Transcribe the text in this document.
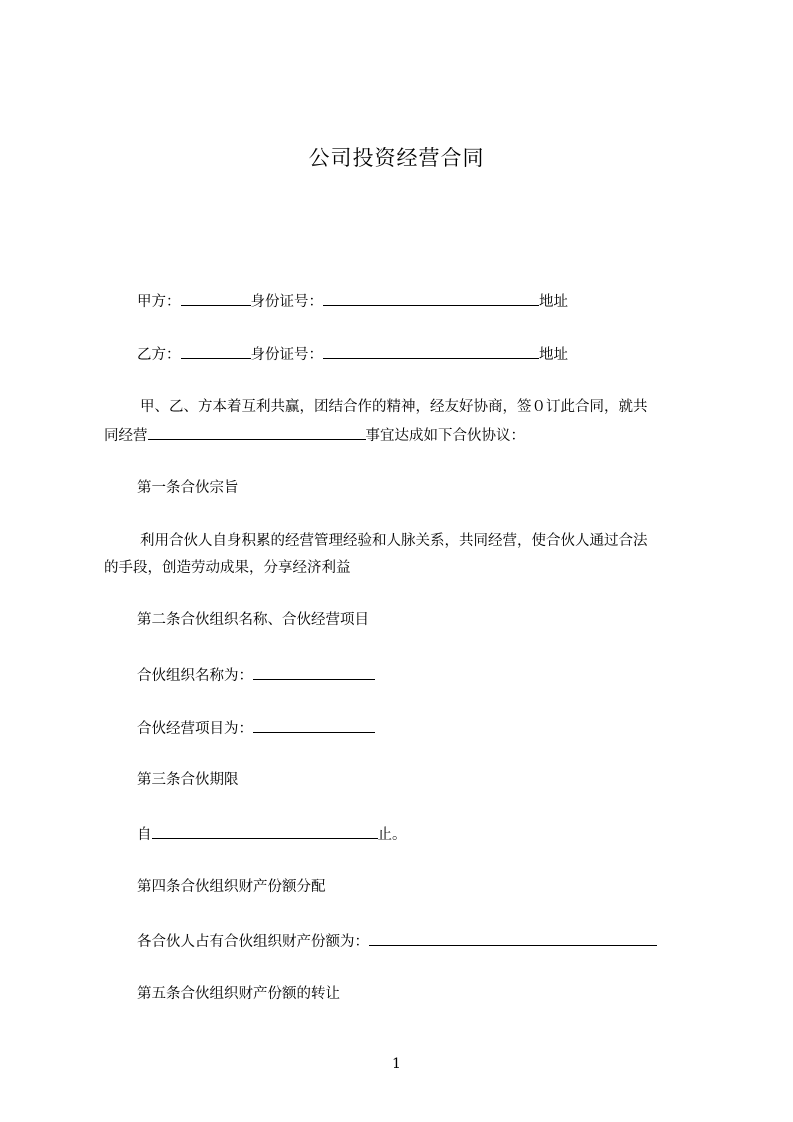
公司投资经营合同
甲方：	身份证号：	地址
乙方：	身份证号：	地址
甲、乙、方本着互利共赢，团结合作的精神，经友好协商，签０订此合同，就共
同经营	事宜达成如下合伙协议：
第一条合伙宗旨
利用合伙人自身积累的经营管理经验和人脉关系，共同经营，使合伙人通过合法
的手段，创造劳动成果，分享经济利益
第二条合伙组织名称、合伙经营项目
合伙组织名称为：
合伙经营项目为：
第三条合伙期限
自	止。
第四条合伙组织财产份额分配
各合伙人占有合伙组织财产份额为：
第五条合伙组织财产份额的转让
1
